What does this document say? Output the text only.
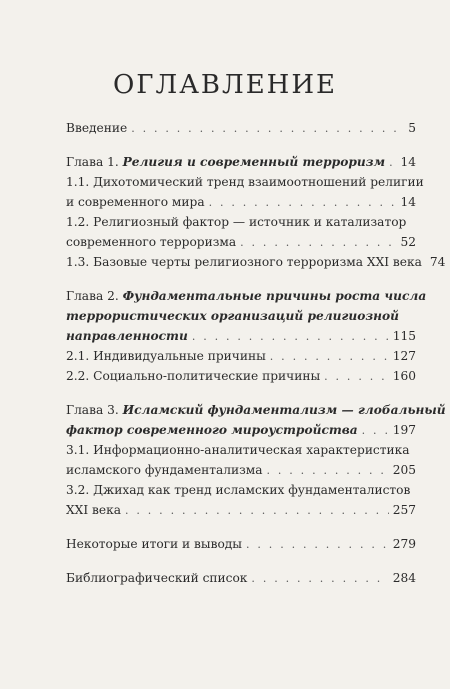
ОГЛАВЛЕНИЕ
Введение . . .	5
Глава 1. Религия и современный терроризм . . . 14
1.1. Дихотомический тренд взаимоотношений религии
и современного мира . . .	14
1.2. Религиозный фактор — источник и катализатор
современного терроризма . . .	52
1.3. Базовые черты религиозного терроризма XXI века 74
Глава 2. Фундаментальные причины роста числа
террористических организаций религиозной
направленности . . .	115
2.1. Индивидуальные причины . . .	127
2.2. Социально-политические причины . . .	160
Глава 3. Исламский фундаментализм — глобальный
фактор современного мироустройства . . .	197
3.1. Информационно-аналитическая характеристика
исламского фундаментализма . . .	205
3.2. Джихад как тренд исламских фундаменталистов
XXI века . . .	257
Некоторые итоги и выводы . . .	279
Библиографический список . . .	284
